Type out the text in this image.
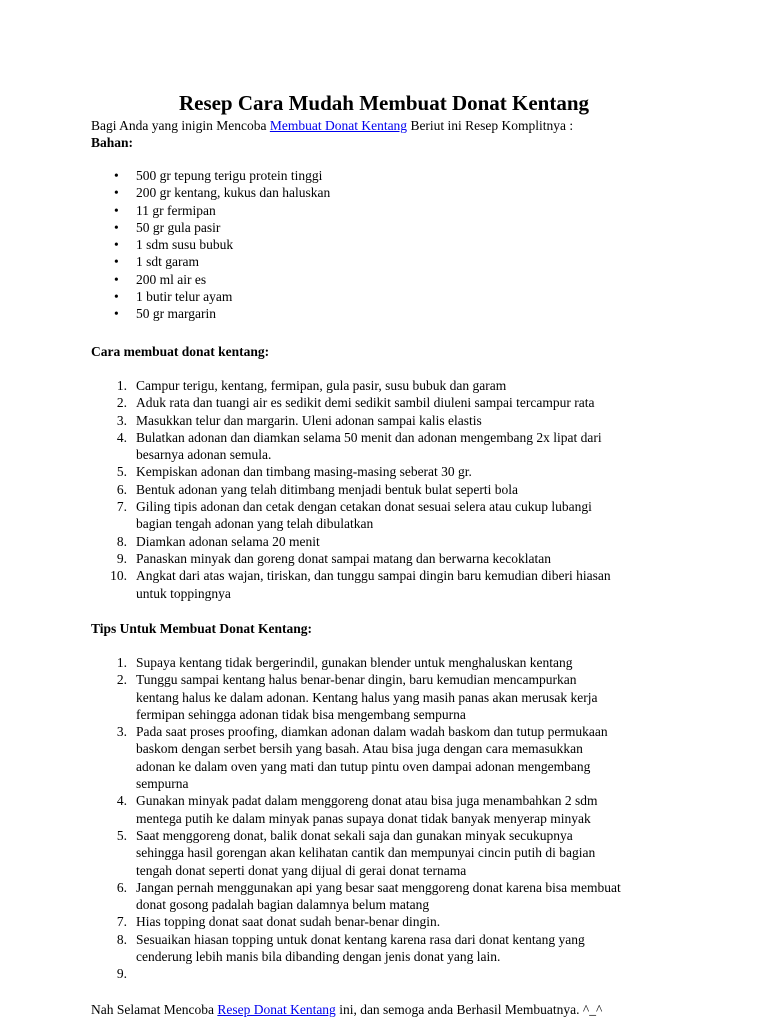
Resep Cara Mudah Membuat Donat Kentang

Bagi Anda yang inigin Mencoba Membuat Donat Kentang Beriut ini Resep Komplitnya :

Bahan:

• 500 gr tepung terigu protein tinggi
• 200 gr kentang, kukus dan haluskan
• 11 gr fermipan
• 50 gr gula pasir
• 1 sdm susu bubuk
• 1 sdt garam
• 200 ml air es
• 1 butir telur ayam
• 50 gr margarin

Cara membuat donat kentang:

1. Campur terigu, kentang, fermipan, gula pasir, susu bubuk dan garam
2. Aduk rata dan tuangi air es sedikit demi sedikit sambil diuleni sampai tercampur rata
3. Masukkan telur dan margarin. Uleni adonan sampai kalis elastis
4. Bulatkan adonan dan diamkan selama 50 menit dan adonan mengembang 2x lipat dari
besarnya adonan semula.
5. Kempiskan adonan dan timbang masing-masing seberat 30 gr.
6. Bentuk adonan yang telah ditimbang menjadi bentuk bulat seperti bola
7. Giling tipis adonan dan cetak dengan cetakan donat sesuai selera atau cukup lubangi
bagian tengah adonan yang telah dibulatkan
8. Diamkan adonan selama 20 menit
9. Panaskan minyak dan goreng donat sampai matang dan berwarna kecoklatan
10. Angkat dari atas wajan, tiriskan, dan tunggu sampai dingin baru kemudian diberi hiasan
untuk toppingnya

Tips Untuk Membuat Donat Kentang:

1. Supaya kentang tidak bergerindil, gunakan blender untuk menghaluskan kentang
2. Tunggu sampai kentang halus benar-benar dingin, baru kemudian mencampurkan
kentang halus ke dalam adonan. Kentang halus yang masih panas akan merusak kerja
fermipan sehingga adonan tidak bisa mengembang sempurna
3. Pada saat proses proofing, diamkan adonan dalam wadah baskom dan tutup permukaan
baskom dengan serbet bersih yang basah. Atau bisa juga dengan cara memasukkan
adonan ke dalam oven yang mati dan tutup pintu oven dampai adonan mengembang
sempurna
4. Gunakan minyak padat dalam menggoreng donat atau bisa juga menambahkan 2 sdm
mentega putih ke dalam minyak panas supaya donat tidak banyak menyerap minyak
5. Saat menggoreng donat, balik donat sekali saja dan gunakan minyak secukupnya
sehingga hasil gorengan akan kelihatan cantik dan mempunyai cincin putih di bagian
tengah donat seperti donat yang dijual di gerai donat ternama
6. Jangan pernah menggunakan api yang besar saat menggoreng donat karena bisa membuat
donat gosong padalah bagian dalamnya belum matang
7. Hias topping donat saat donat sudah benar-benar dingin.
8. Sesuaikan hiasan topping untuk donat kentang karena rasa dari donat kentang yang
cenderung lebih manis bila dibanding dengan jenis donat yang lain.
9.

Nah Selamat Mencoba Resep Donat Kentang ini, dan semoga anda Berhasil Membuatnya. ^_^
